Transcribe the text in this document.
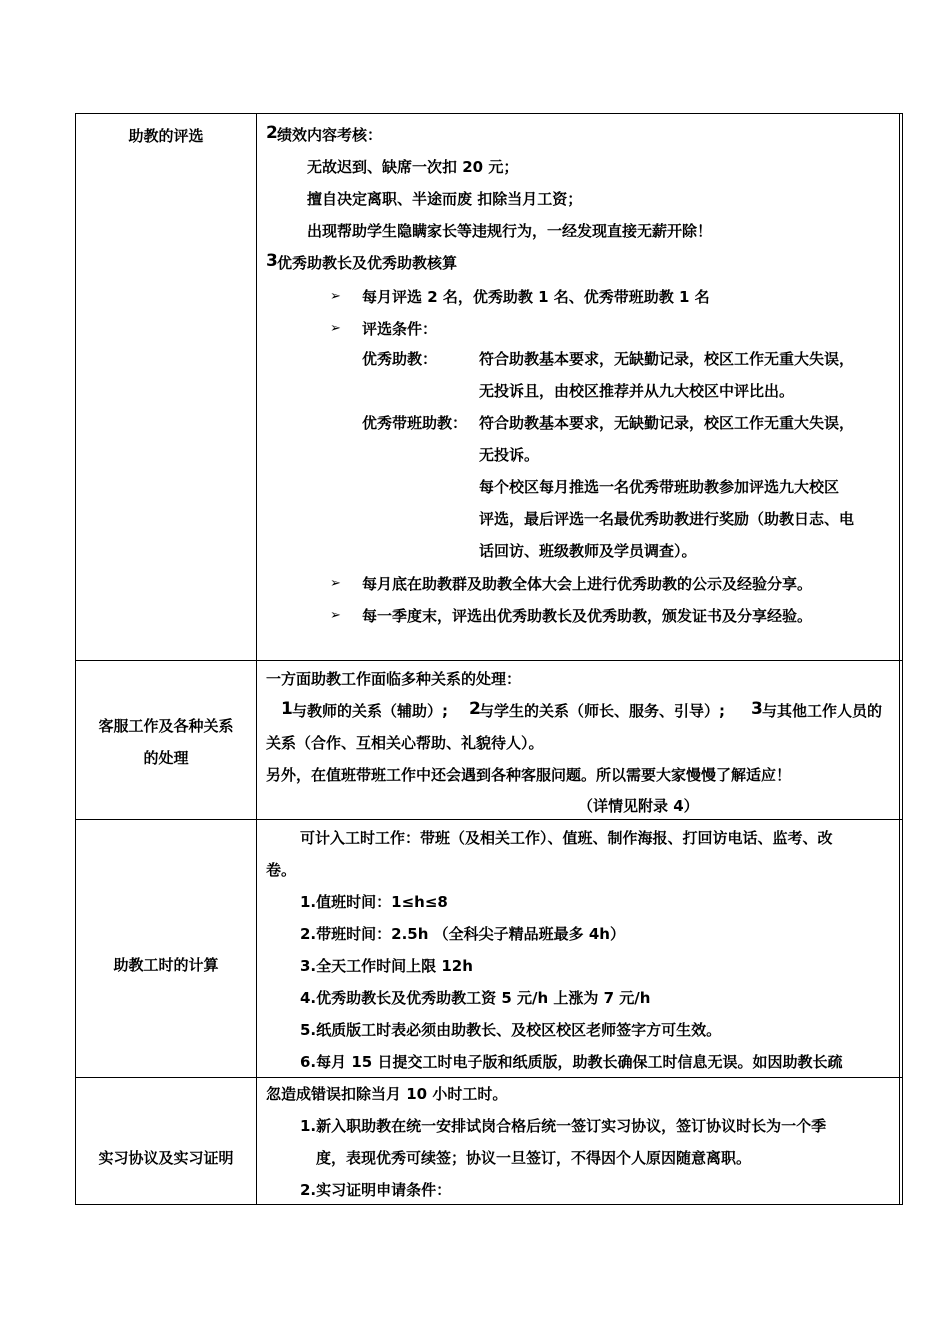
助教的评选	2 绩效内容考核：
无故迟到、缺席一次扣 20 元；
擅自决定离职、半途而废 扣除当月工资；
出现帮助学生隐瞒家长等违规行为，一经发现直接无薪开除！
3 优秀助教长及优秀助教核算
➢ 每月评选 2 名，优秀助教 1 名、优秀带班助教 1 名
➢ 评选条件：
优秀助教：	符合助教基本要求，无缺勤记录，校区工作无重大失误，
无投诉且，由校区推荐并从九大校区中评比出。
优秀带班助教： 符合助教基本要求，无缺勤记录，校区工作无重大失误，
无投诉。
每个校区每月推选一名优秀带班助教参加评选九大校区
评选，最后评选一名最优秀助教进行奖励（助教日志、电
话回访、班级教师及学员调查）。
➢ 每月底在助教群及助教全体大会上进行优秀助教的公示及经验分享。
➢ 每一季度末，评选出优秀助教长及优秀助教，颁发证书及分享经验。
客服工作及各种关系
的处理
一方面助教工作面临多种关系的处理：
1 与教师的关系（辅助）; 2
与学生的关系（师长、服务、引导）; 3 与其他工作人员的
关系（合作、互相关心帮助、礼貌待人）。
另外，在值班带班工作中还会遇到各种客服问题。所以需要大家慢慢了解适应！
（详情见附录 4）
助教工时的计算
可计入工时工作：带班（及相关工作）、值班、制作海报、打回访电话、监考、改
卷。
1.值班时间：1≤h≤8
2.带班时间：2.5h （全科尖子精品班最多 4h）
3.全天工作时间上限 12h
4.优秀助教长及优秀助教工资 5 元/h 上涨为 7 元/h
5.纸质版工时表必须由助教长、及校区校区老师签字方可生效。
6.每月 15 日提交工时电子版和纸质版，助教长确保工时信息无误。如因助教长疏
忽造成错误扣除当月 10 小时工时。
实习协议及实习证明
1.新入职助教在统一安排试岗合格后统一签订实习协议，签订协议时长为一个季
度，表现优秀可续签；协议一旦签订，不得因个人原因随意离职。
2.实习证明申请条件：
